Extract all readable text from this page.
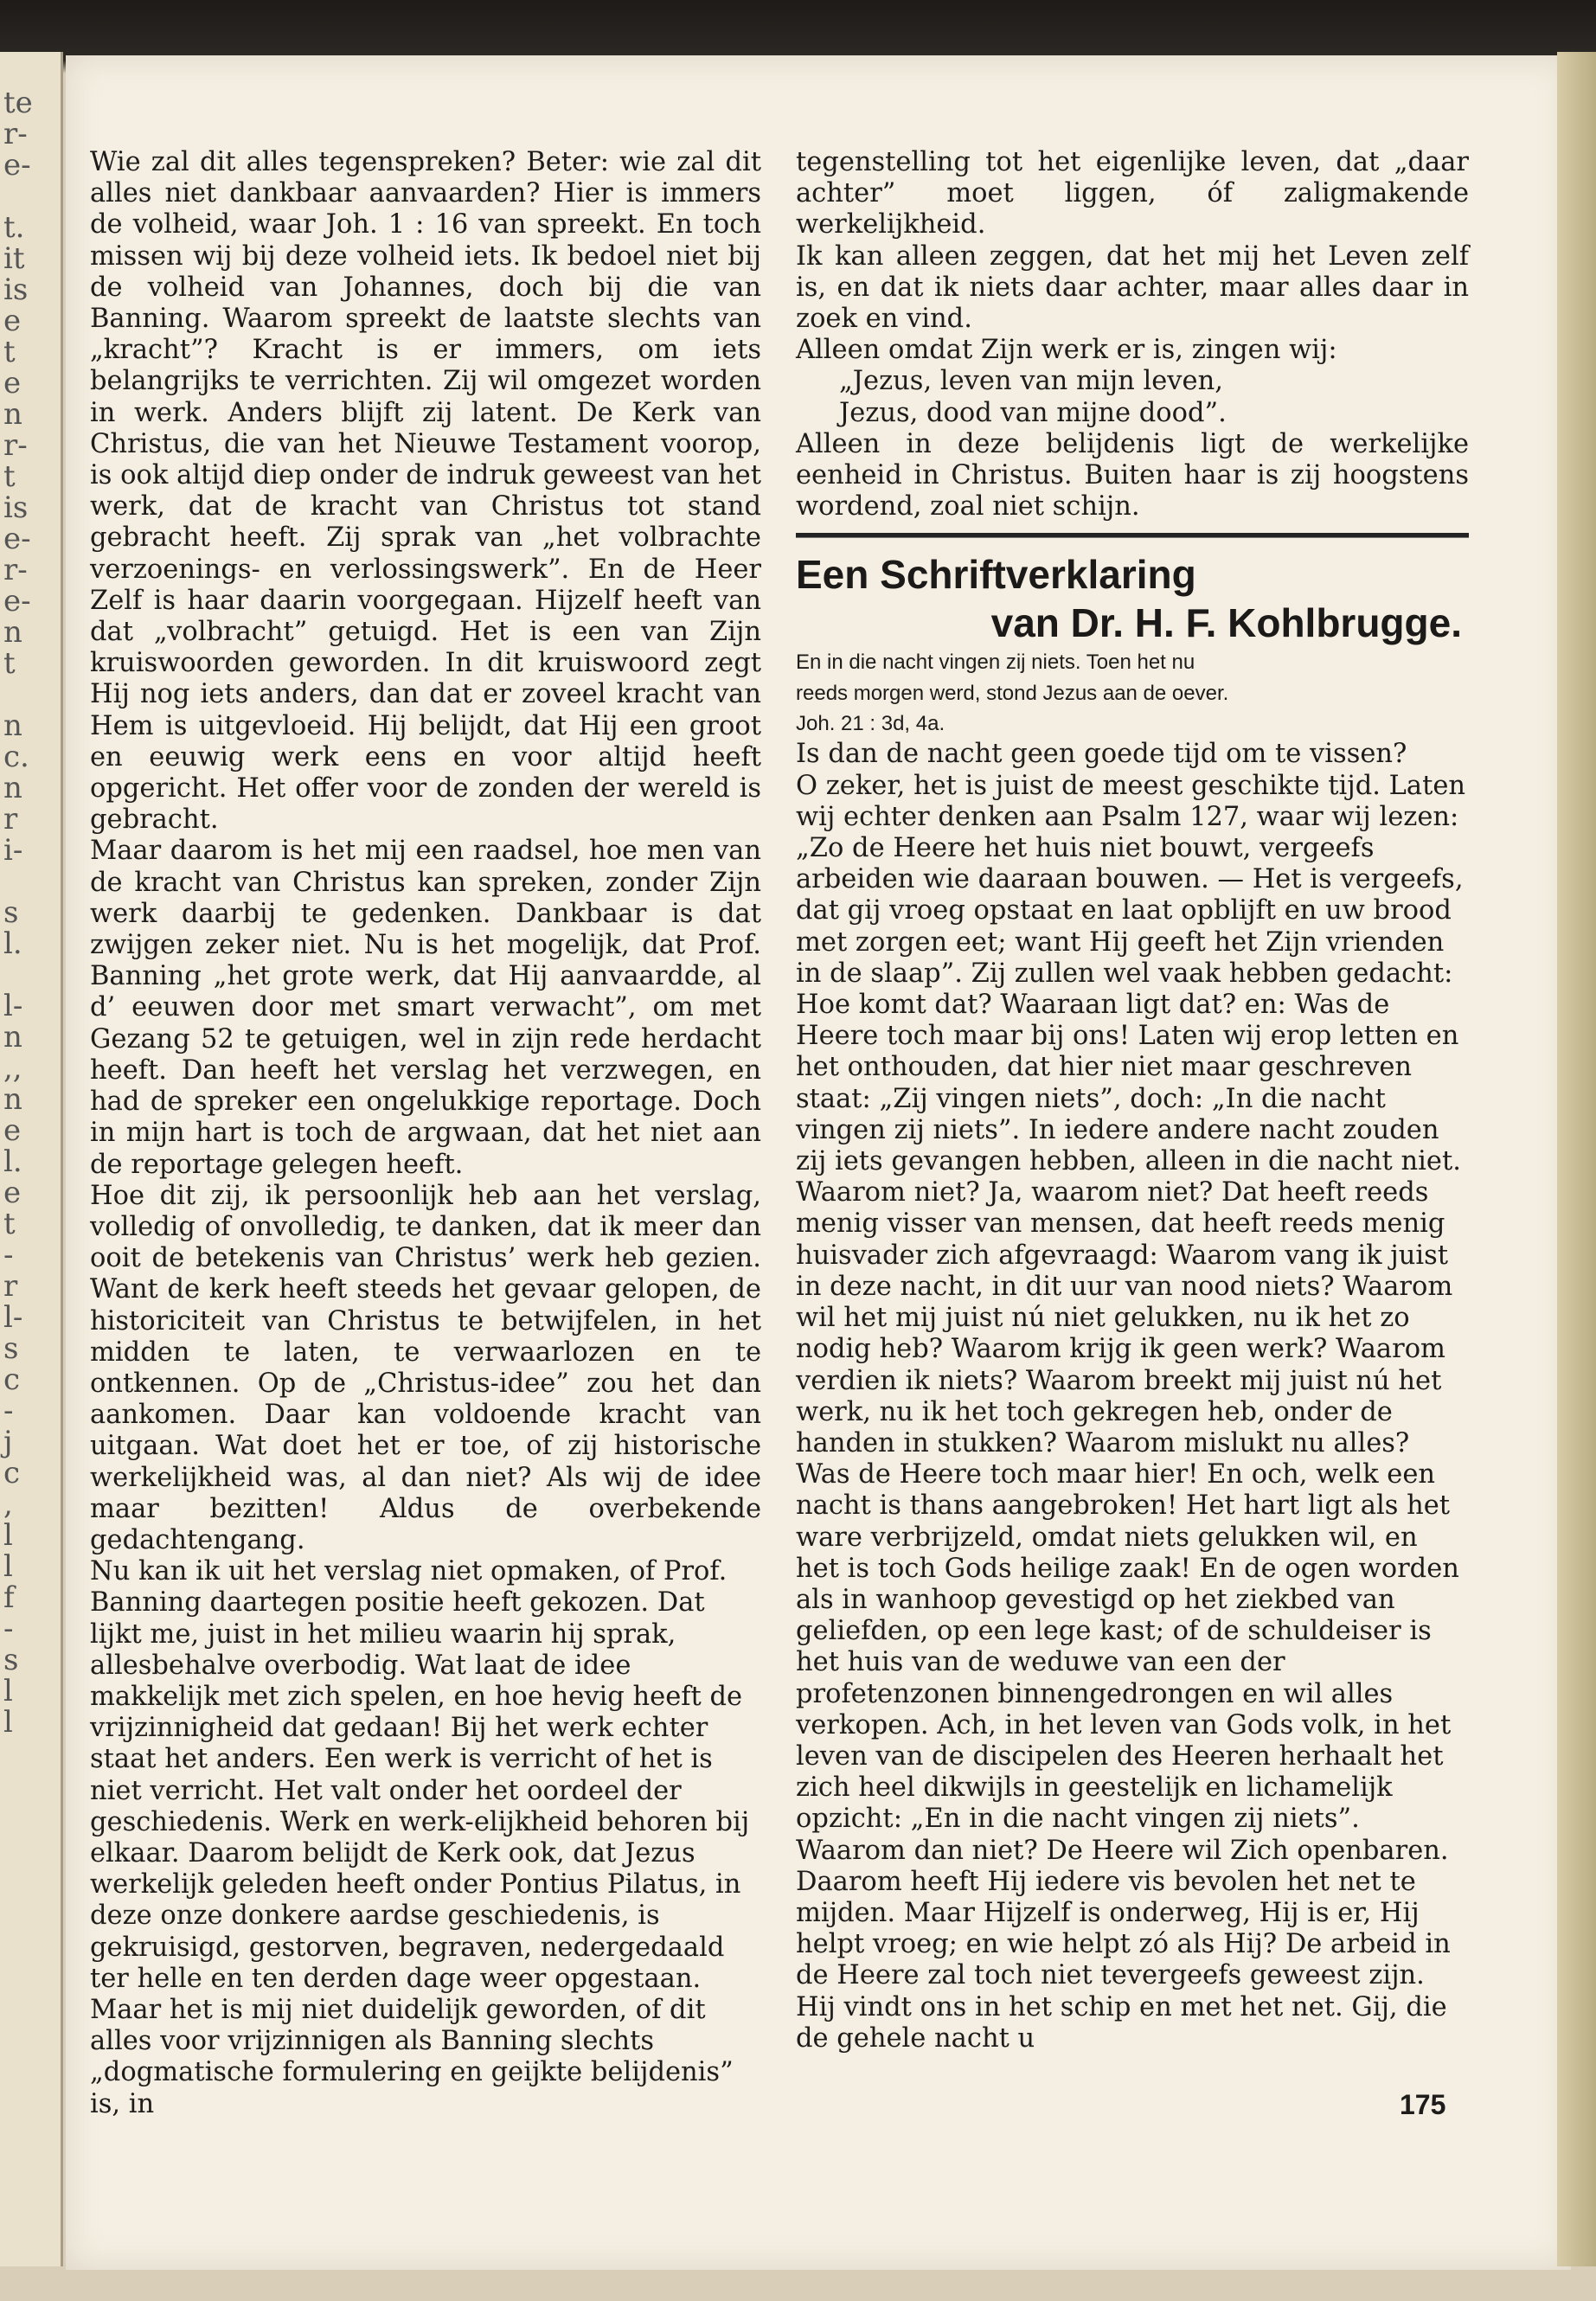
te
r-
e-
t.
it
is
e
t
e
n
r-
t
is
e-
r-
e-
n
t
n
c.
n
r
i-
s
l.
l-
n
,,
n
e
l.
e
t
-
r
l-
s
c
-
j
c
,
l
l
f
-
s
l
l

Wie zal dit alles tegenspreken? Beter: wie zal dit alles niet dankbaar aanvaarden? Hier is immers de volheid, waar Joh. 1 : 16 van spreekt. En toch missen wij bij deze volheid iets. Ik bedoel niet bij de volheid van Johannes, doch bij die van Banning. Waarom spreekt de laatste slechts van „kracht”? Kracht is er immers, om iets belangrijks te verrichten. Zij wil omgezet worden in werk. Anders blijft zij latent. De Kerk van Christus, die van het Nieuwe Testament voorop, is ook altijd diep onder de indruk geweest van het werk, dat de kracht van Christus tot stand gebracht heeft. Zij sprak van „het volbrachte verzoenings- en verlossingswerk”. En de Heer Zelf is haar daarin voorgegaan. Hijzelf heeft van dat „volbracht” getuigd. Het is een van Zijn kruiswoorden geworden. In dit kruiswoord zegt Hij nog iets anders, dan dat er zoveel kracht van Hem is uitgevloeid. Hij belijdt, dat Hij een groot en eeuwig werk eens en voor altijd heeft opgericht. Het offer voor de zonden der wereld is gebracht.

Maar daarom is het mij een raadsel, hoe men van de kracht van Christus kan spreken, zonder Zijn werk daarbij te gedenken. Dankbaar is dat zwijgen zeker niet. Nu is het mogelijk, dat Prof. Banning „het grote werk, dat Hij aanvaardde, al d’ eeuwen door met smart verwacht”, om met Gezang 52 te getuigen, wel in zijn rede herdacht heeft. Dan heeft het verslag het verzwegen, en had de spreker een ongelukkige reportage. Doch in mijn hart is toch de argwaan, dat het niet aan de reportage gelegen heeft.

Hoe dit zij, ik persoonlijk heb aan het verslag, volledig of onvolledig, te danken, dat ik meer dan ooit de betekenis van Christus’ werk heb gezien. Want de kerk heeft steeds het gevaar gelopen, de historiciteit van Christus te betwijfelen, in het midden te laten, te verwaarlozen en te ontkennen. Op de „Christus-idee” zou het dan aankomen. Daar kan voldoende kracht van uitgaan. Wat doet het er toe, of zij historische werkelijkheid was, al dan niet? Als wij de idee maar bezitten! Aldus de overbekende gedachtengang.

Nu kan ik uit het verslag niet opmaken, of Prof. Banning daartegen positie heeft gekozen. Dat lijkt me, juist in het milieu waarin hij sprak, allesbehalve overbodig. Wat laat de idee makkelijk met zich spelen, en hoe hevig heeft de vrijzinnigheid dat gedaan! Bij het werk echter staat het anders. Een werk is verricht of het is niet verricht. Het valt onder het oordeel der geschiedenis. Werk en werk-elijkheid behoren bij elkaar. Daarom belijdt de Kerk ook, dat Jezus werkelijk geleden heeft onder Pontius Pilatus, in deze onze donkere aardse geschiedenis, is gekruisigd, gestorven, begraven, nedergedaald ter helle en ten derden dage weer opgestaan. Maar het is mij niet duidelijk geworden, of dit alles voor vrijzinnigen als Banning slechts „dogmatische formulering en geijkte belijdenis” is, in

tegenstelling tot het eigenlijke leven, dat „daar achter” moet liggen, óf zaligmakende werkelijkheid.

Ik kan alleen zeggen, dat het mij het Leven zelf is, en dat ik niets daar achter, maar alles daar in zoek en vind.

Alleen omdat Zijn werk er is, zingen wij:

„Jezus, leven van mijn leven,

Jezus, dood van mijne dood”.

Alleen in deze belijdenis ligt de werkelijke eenheid in Christus. Buiten haar is zij hoogstens wordend, zoal niet schijn.

Een Schriftverklaring

van Dr. H. F. Kohlbrugge.

En in die nacht vingen zij niets. Toen het nu

reeds morgen werd, stond Jezus aan de oever.

Joh. 21 : 3d, 4a.

Is dan de nacht geen goede tijd om te vissen?

O zeker, het is juist de meest geschikte tijd. Laten wij echter denken aan Psalm 127, waar wij lezen: „Zo de Heere het huis niet bouwt, vergeefs arbeiden wie daaraan bouwen. — Het is vergeefs, dat gij vroeg opstaat en laat opblijft en uw brood met zorgen eet; want Hij geeft het Zijn vrienden in de slaap”. Zij zullen wel vaak hebben gedacht: Hoe komt dat? Waaraan ligt dat? en: Was de Heere toch maar bij ons! Laten wij erop letten en het onthouden, dat hier niet maar geschreven staat: „Zij vingen niets”, doch: „In die nacht vingen zij niets”. In iedere andere nacht zouden zij iets gevangen hebben, alleen in die nacht niet. Waarom niet? Ja, waarom niet? Dat heeft reeds menig visser van mensen, dat heeft reeds menig huisvader zich afgevraagd: Waarom vang ik juist in deze nacht, in dit uur van nood niets? Waarom wil het mij juist nú niet gelukken, nu ik het zo nodig heb? Waarom krijg ik geen werk? Waarom verdien ik niets? Waarom breekt mij juist nú het werk, nu ik het toch gekregen heb, onder de handen in stukken? Waarom mislukt nu alles? Was de Heere toch maar hier! En och, welk een nacht is thans aangebroken! Het hart ligt als het ware verbrijzeld, omdat niets gelukken wil, en het is toch Gods heilige zaak! En de ogen worden als in wanhoop gevestigd op het ziekbed van geliefden, op een lege kast; of de schuldeiser is het huis van de weduwe van een der profetenzonen binnengedrongen en wil alles verkopen. Ach, in het leven van Gods volk, in het leven van de discipelen des Heeren herhaalt het zich heel dikwijls in geestelijk en lichamelijk opzicht: „En in die nacht vingen zij niets”. Waarom dan niet? De Heere wil Zich openbaren. Daarom heeft Hij iedere vis bevolen het net te mijden. Maar Hijzelf is onderweg, Hij is er, Hij helpt vroeg; en wie helpt zó als Hij? De arbeid in de Heere zal toch niet tevergeefs geweest zijn. Hij vindt ons in het schip en met het net. Gij, die de gehele nacht u

175
